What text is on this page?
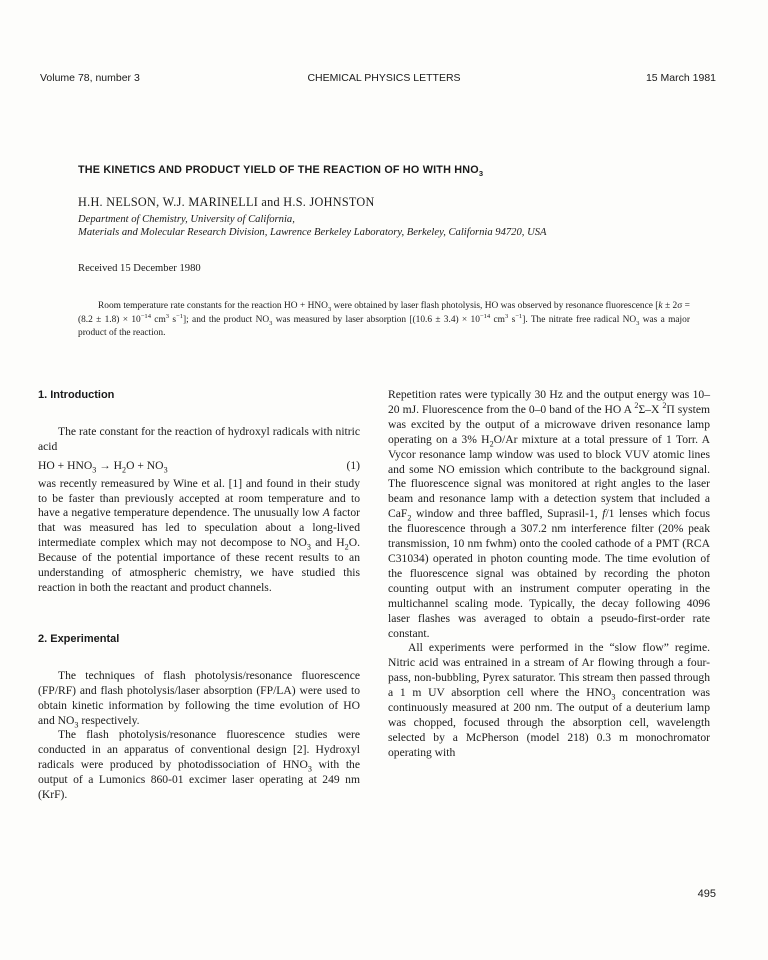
Volume 78, number 3	CHEMICAL PHYSICS LETTERS	15 March 1981
THE KINETICS AND PRODUCT YIELD OF THE REACTION OF HO WITH $HNO_3$
H.H. NELSON, W.J. MARINELLI and H.S. JOHNSTON
Department of Chemistry, University of California,
Materials and Molecular Research Division, Lawrence Berkeley Laboratory, Berkeley, California 94720, USA
Received 15 December 1980
Room temperature rate constants for the reaction HO + $HNO_3$ were obtained by laser flash photolysis, HO was observed by resonance fluorescence [$k \pm 2\sigma = (8.2 \pm 1.8) \times 10^{-14}$ $cm^3$ $s^{-1}$]; and the product $NO_3$ was measured by laser absorption [$(10.6 \pm 3.4) \times 10^{-14}$ $cm^3$ $s^{-1}$]. The nitrate free radical $NO_3$ was a major product of the reaction.
1. Introduction

The rate constant for the reaction of hydroxyl radicals with nitric acid

HO + $HNO_3 \to H_2O + NO_3$	(1)

was recently remeasured by Wine et al. [1] and found in their study to be faster than previously accepted at room temperature and to have a negative temperature dependence. The unusually low A factor that was measured has led to speculation about a long-lived intermediate complex which may not decompose to $NO_3$ and $H_2O$. Because of the potential importance of these recent results to an understanding of atmospheric chemistry, we have studied this reaction in both the reactant and product channels.

2. Experimental

The techniques of flash photolysis/resonance fluorescence (FP/RF) and flash photolysis/laser absorption (FP/LA) were used to obtain kinetic information by following the time evolution of HO and $NO_3$ respectively.

The flash photolysis/resonance fluorescence studies were conducted in an apparatus of conventional design [2]. Hydroxyl radicals were produced by photodissociation of $HNO_3$ with the output of a Lumonics 860-01 excimer laser operating at 249 nm (KrF).

Repetition rates were typically 30 Hz and the output energy was 10–20 mJ. Fluorescence from the 0–0 band of the HO A $^2$Σ–X $^2$Π system was excited by the output of a microwave driven resonance lamp operating on a 3% $H_2O/Ar$ mixture at a total pressure of 1 Torr. A Vycor resonance lamp window was used to block VUV atomic lines and some NO emission which contribute to the background signal. The fluorescence signal was monitored at right angles to the laser beam and resonance lamp with a detection system that included a CaF$_2$ window and three baffled, Suprasil-1, f/1 lenses which focus the fluorescence through a 307.2 nm interference filter (20% peak transmission, 10 nm fwhm) onto the cooled cathode of a PMT (RCA C31034) operated in photon counting mode. The time evolution of the fluorescence signal was obtained by recording the photon counting output with an instrument computer operating in the multichannel scaling mode. Typically, the decay following 4096 laser flashes was averaged to obtain a pseudo-first-order rate constant.

All experiments were performed in the “slow flow” regime. Nitric acid was entrained in a stream of Ar flowing through a four-pass, non-bubbling, Pyrex saturator. This stream then passed through a 1 m UV absorption cell where the $HNO_3$ concentration was continuously measured at 200 nm. The output of a deuterium lamp was chopped, focused through the absorption cell, wavelength selected by a McPherson (model 218) 0.3 m monochromator operating with

495
